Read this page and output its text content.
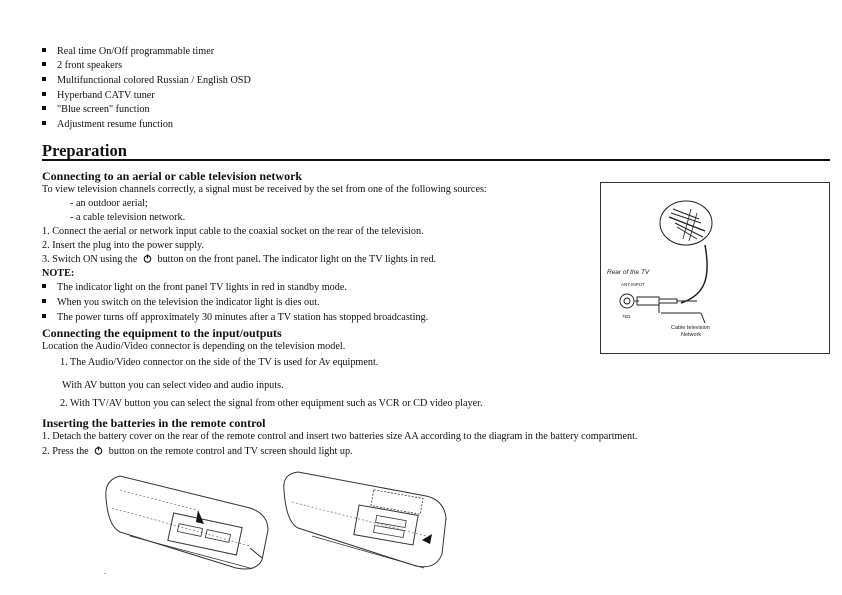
Real time On/Off programmable timer
2 front speakers
Multifunctional colored Russian / English OSD
Hyperband CATV tuner
"Blue screen" function
Adjustment resume function
Preparation
Connecting to an aerial or cable television network
To view television channels correctly, a signal must be received by the set from one of the following sources:
- an outdoor aerial;
- a cable television network.
1. Connect the aerial or network input cable to the coaxial socket on the rear of the television.
2. Insert the plug into the power supply.
3. Switch ON using the button on the front panel. The indicator light on the TV lights in red.
NOTE:
The indicator light on the front panel TV lights in red in standby mode.
When you switch on the television the indicator light is dies out.
The power turns off approximately 30 minutes after a TV station has stopped broadcasting.
Connecting the equipment to the input/outputs
Location the Audio/Video connector is depending on the television model.
1. The Audio/Video connector on the side of the TV is used for Av equipment.
With AV button you can select video and audio inputs.
2. With TV/AV button you can select the signal from other equipment such as VCR or CD video player.
Inserting the batteries in the remote control
1. Detach the battery cover on the rear of the remote control and insert two batteries size AA according to the diagram in the battery compartment.
2. Press the button on the remote control and TV screen should light up.
Rear of the TV
ANT INPUT
75Ω
Cable television
Network
.
